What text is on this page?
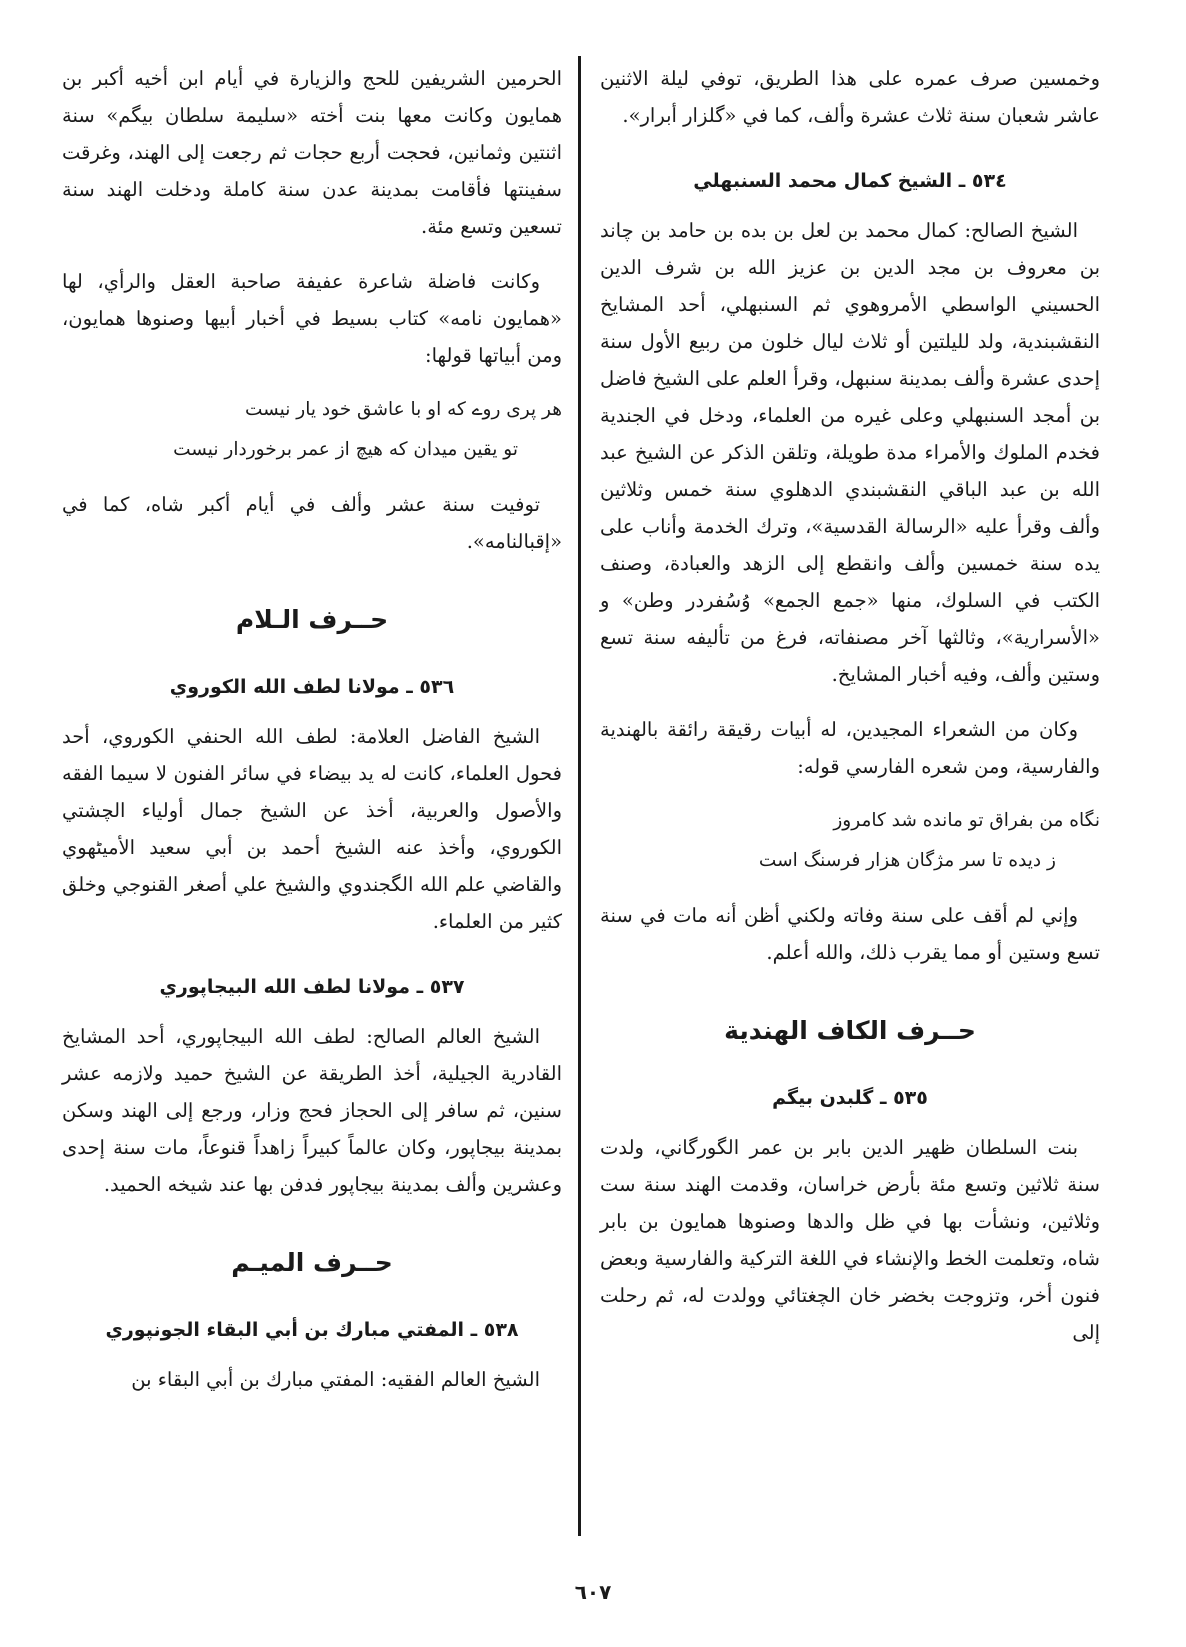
وخمسين صرف عمره على هذا الطريق، توفي ليلة الاثنين عاشر شعبان سنة ثلاث عشرة وألف، كما في «گلزار أبرار».

٥٣٤ ـ الشيخ كمال محمد السنبهلي

الشيخ الصالح: كمال محمد بن لعل بن بده بن حامد بن چاند بن معروف بن مجد الدين بن عزيز الله بن شرف الدين الحسيني الواسطي الأمروهوي ثم السنبهلي، أحد المشايخ النقشبندية، ولد لليلتين أو ثلاث ليال خلون من ربيع الأول سنة إحدى عشرة وألف بمدينة سنبهل، وقرأ العلم على الشيخ فاضل بن أمجد السنبهلي وعلى غيره من العلماء، ودخل في الجندية فخدم الملوك والأمراء مدة طويلة، وتلقن الذكر عن الشيخ عبد الله بن عبد الباقي النقشبندي الدهلوي سنة خمس وثلاثين وألف وقرأ عليه «الرسالة القدسية»، وترك الخدمة وأناب على يده سنة خمسين وألف وانقطع إلى الزهد والعبادة، وصنف الكتب في السلوك، منها «جمع الجمع» وُسُفردر وطن» و «الأسرارية»، وثالثها آخر مصنفاته، فرغ من تأليفه سنة تسع وستين وألف، وفيه أخبار المشايخ.

وكان من الشعراء المجيدين، له أبيات رقيقة رائقة بالهندية والفارسية، ومن شعره الفارسي قوله:

نگاه من بفراق تو مانده شد كامروز

ز ديده تا سر مژگان هزار فرسنگ است

وإني لم أقف على سنة وفاته ولكني أظن أنه مات في سنة تسع وستين أو مما يقرب ذلك، والله أعلم.

حــرف الكاف الهندية
٥٣٥ ـ گلبدن بيگم

بنت السلطان ظهير الدين بابر بن عمر الگورگاني، ولدت سنة ثلاثين وتسع مئة بأرض خراسان، وقدمت الهند سنة ست وثلاثين، ونشأت بها في ظل والدها وصنوها همايون بن بابر شاه، وتعلمت الخط والإنشاء في اللغة التركية والفارسية وبعض فنون أخر، وتزوجت بخضر خان الچغتائي وولدت له، ثم رحلت إلى

الحرمين الشريفين للحج والزيارة في أيام ابن أخيه أكبر بن همايون وكانت معها بنت أخته «سليمة سلطان بيگم» سنة اثنتين وثمانين، فحجت أربع حجات ثم رجعت إلى الهند، وغرقت سفينتها فأقامت بمدينة عدن سنة كاملة ودخلت الهند سنة تسعين وتسع مئة.

وكانت فاضلة شاعرة عفيفة صاحبة العقل والرأي، لها «همايون نامه» كتاب بسيط في أخبار أبيها وصنوها همايون، ومن أبياتها قولها:

هر پری روے كه او با عاشق خود يار نيست

تو يقين ميدان كه هيچ از عمر برخوردار نيست

توفيت سنة عشر وألف في أيام أكبر شاه، كما في «إقبالنامه».

حــرف الـلام
٥٣٦ ـ مولانا لطف الله الكوروي

الشيخ الفاضل العلامة: لطف الله الحنفي الكوروي، أحد فحول العلماء، كانت له يد بيضاء في سائر الفنون لا سيما الفقه والأصول والعربية، أخذ عن الشيخ جمال أولياء الچشتي الكوروي، وأخذ عنه الشيخ أحمد بن أبي سعيد الأميٹهوي والقاضي علم الله الگجندوي والشيخ علي أصغر القنوجي وخلق كثير من العلماء.

٥٣٧ ـ مولانا لطف الله البيجاپوري

الشيخ العالم الصالح: لطف الله البيجاپوري، أحد المشايخ القادرية الجيلية، أخذ الطريقة عن الشيخ حميد ولازمه عشر سنين، ثم سافر إلى الحجاز فحج وزار، ورجع إلى الهند وسكن بمدينة بيجاپور، وكان عالماً كبيراً زاهداً قنوعاً، مات سنة إحدى وعشرين وألف بمدينة بيجاپور فدفن بها عند شيخه الحميد.

حــرف الميـم
٥٣٨ ـ المفتي مبارك بن أبي البقاء الجونپوري

الشيخ العالم الفقيه: المفتي مبارك بن أبي البقاء بن

٦٠٧
